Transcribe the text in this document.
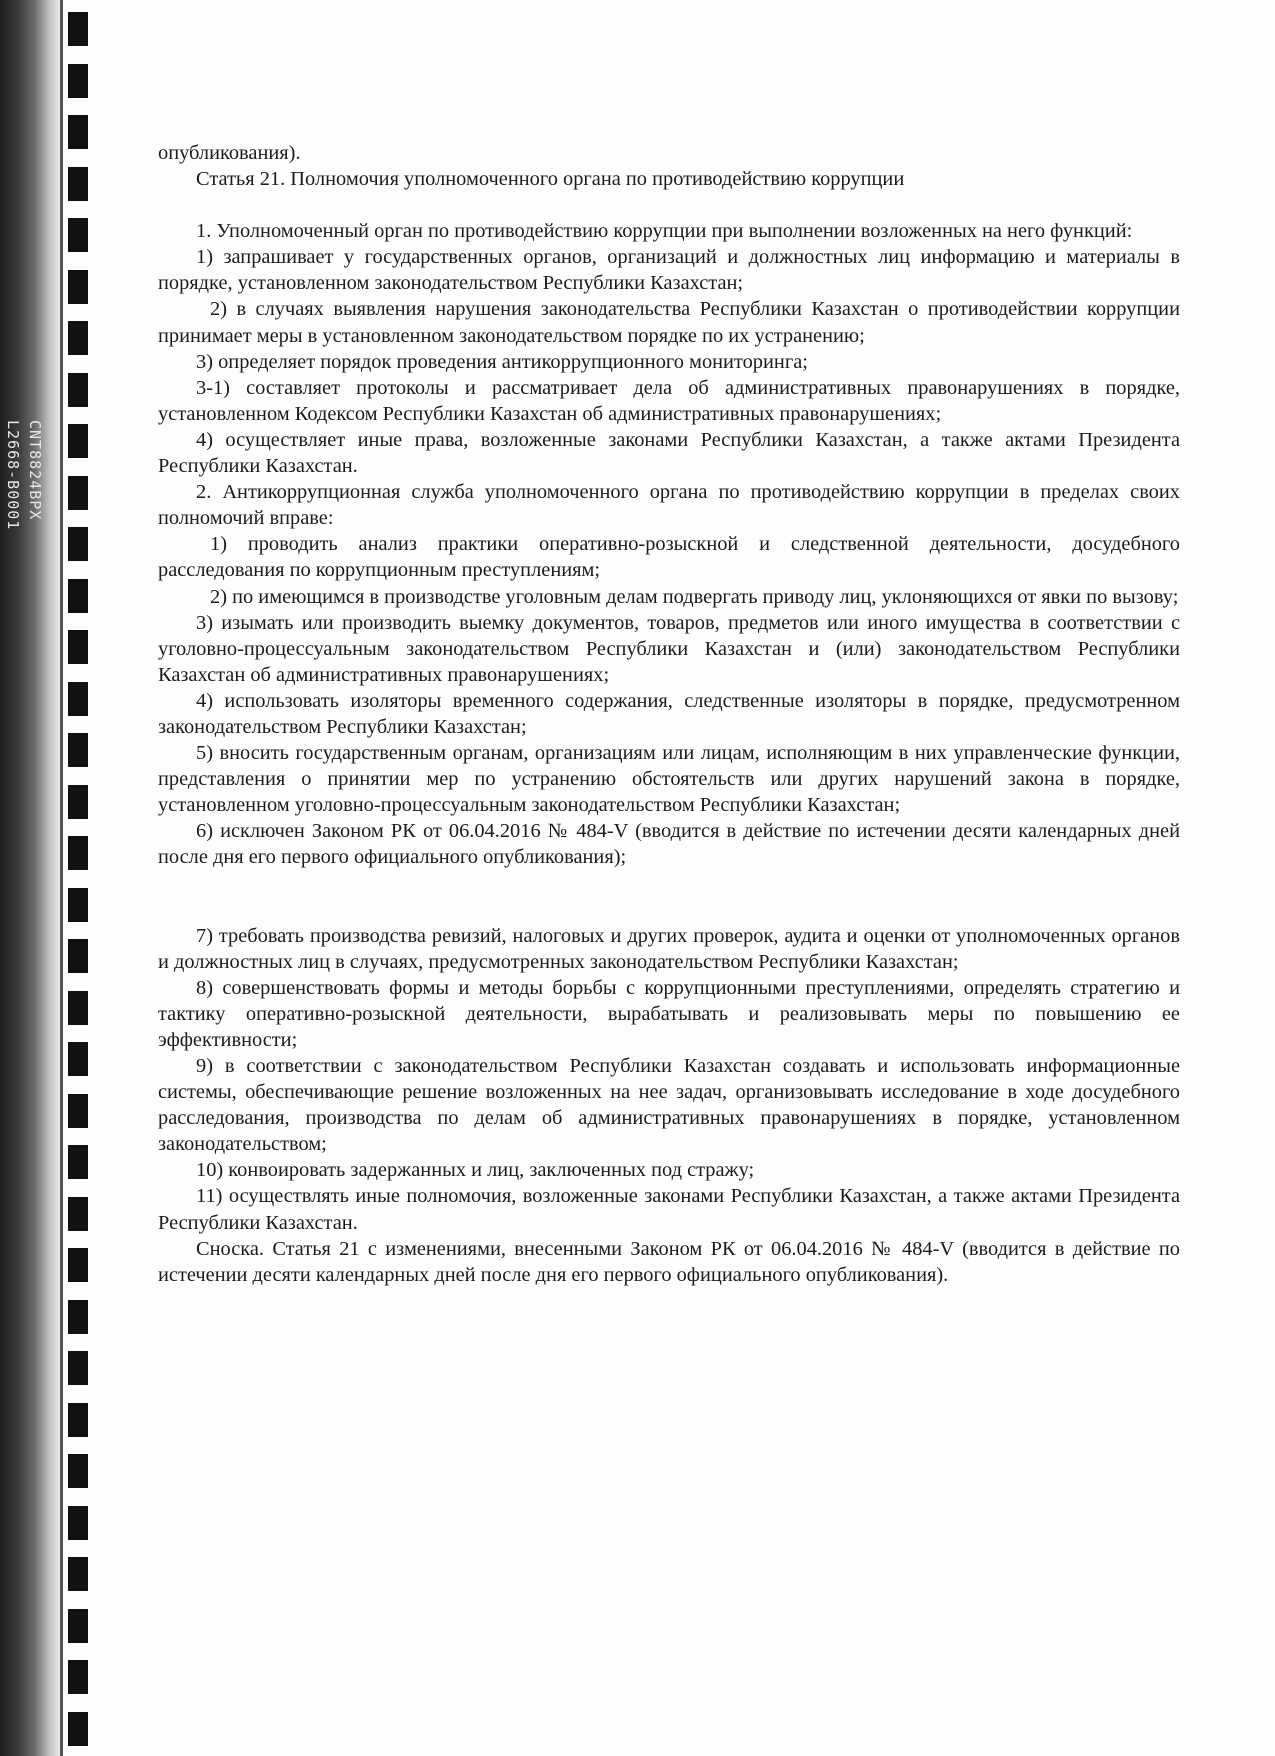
CNT8824BPX
L2668-B0001

опубликования).

Статья 21. Полномочия уполномоченного органа по противодействию коррупции

1. Уполномоченный орган по противодействию коррупции при выполнении возложенных на него функций:

1) запрашивает у государственных органов, организаций и должностных лиц информацию и материалы в порядке, установленном законодательством Республики Казахстан;

2) в случаях выявления нарушения законодательства Республики Казахстан о противодействии коррупции принимает меры в установленном законодательством порядке по их устранению;

3) определяет порядок проведения антикоррупционного мониторинга;

3-1) составляет протоколы и рассматривает дела об административных правонарушениях в порядке, установленном Кодексом Республики Казахстан об административных правонарушениях;

4) осуществляет иные права, возложенные законами Республики Казахстан, а также актами Президента Республики Казахстан.

2. Антикоррупционная служба уполномоченного органа по противодействию коррупции в пределах своих полномочий вправе:

1) проводить анализ практики оперативно-розыскной и следственной деятельности, досудебного расследования по коррупционным преступлениям;

2) по имеющимся в производстве уголовным делам подвергать приводу лиц, уклоняющихся от явки по вызову;

3) изымать или производить выемку документов, товаров, предметов или иного имущества в соответствии с уголовно-процессуальным законодательством Республики Казахстан и (или) законодательством Республики Казахстан об административных правонарушениях;

4) использовать изоляторы временного содержания, следственные изоляторы в порядке, предусмотренном законодательством Республики Казахстан;

5) вносить государственным органам, организациям или лицам, исполняющим в них управленческие функции, представления о принятии мер по устранению обстоятельств или других нарушений закона в порядке, установленном уголовно-процессуальным законодательством Республики Казахстан;

6) исключен Законом РК от 06.04.2016 № 484-V (вводится в действие по истечении десяти календарных дней после дня его первого официального опубликования);

7) требовать производства ревизий, налоговых и других проверок, аудита и оценки от уполномоченных органов и должностных лиц в случаях, предусмотренных законодательством Республики Казахстан;

8) совершенствовать формы и методы борьбы с коррупционными преступлениями, определять стратегию и тактику оперативно-розыскной деятельности, вырабатывать и реализовывать меры по повышению ее эффективности;

9) в соответствии с законодательством Республики Казахстан создавать и использовать информационные системы, обеспечивающие решение возложенных на нее задач, организовывать исследование в ходе досудебного расследования, производства по делам об административных правонарушениях в порядке, установленном законодательством;

10) конвоировать задержанных и лиц, заключенных под стражу;

11) осуществлять иные полномочия, возложенные законами Республики Казахстан, а также актами Президента Республики Казахстан.

Сноска. Статья 21 с изменениями, внесенными Законом РК от 06.04.2016 № 484-V (вводится в действие по истечении десяти календарных дней после дня его первого официального опубликования).
